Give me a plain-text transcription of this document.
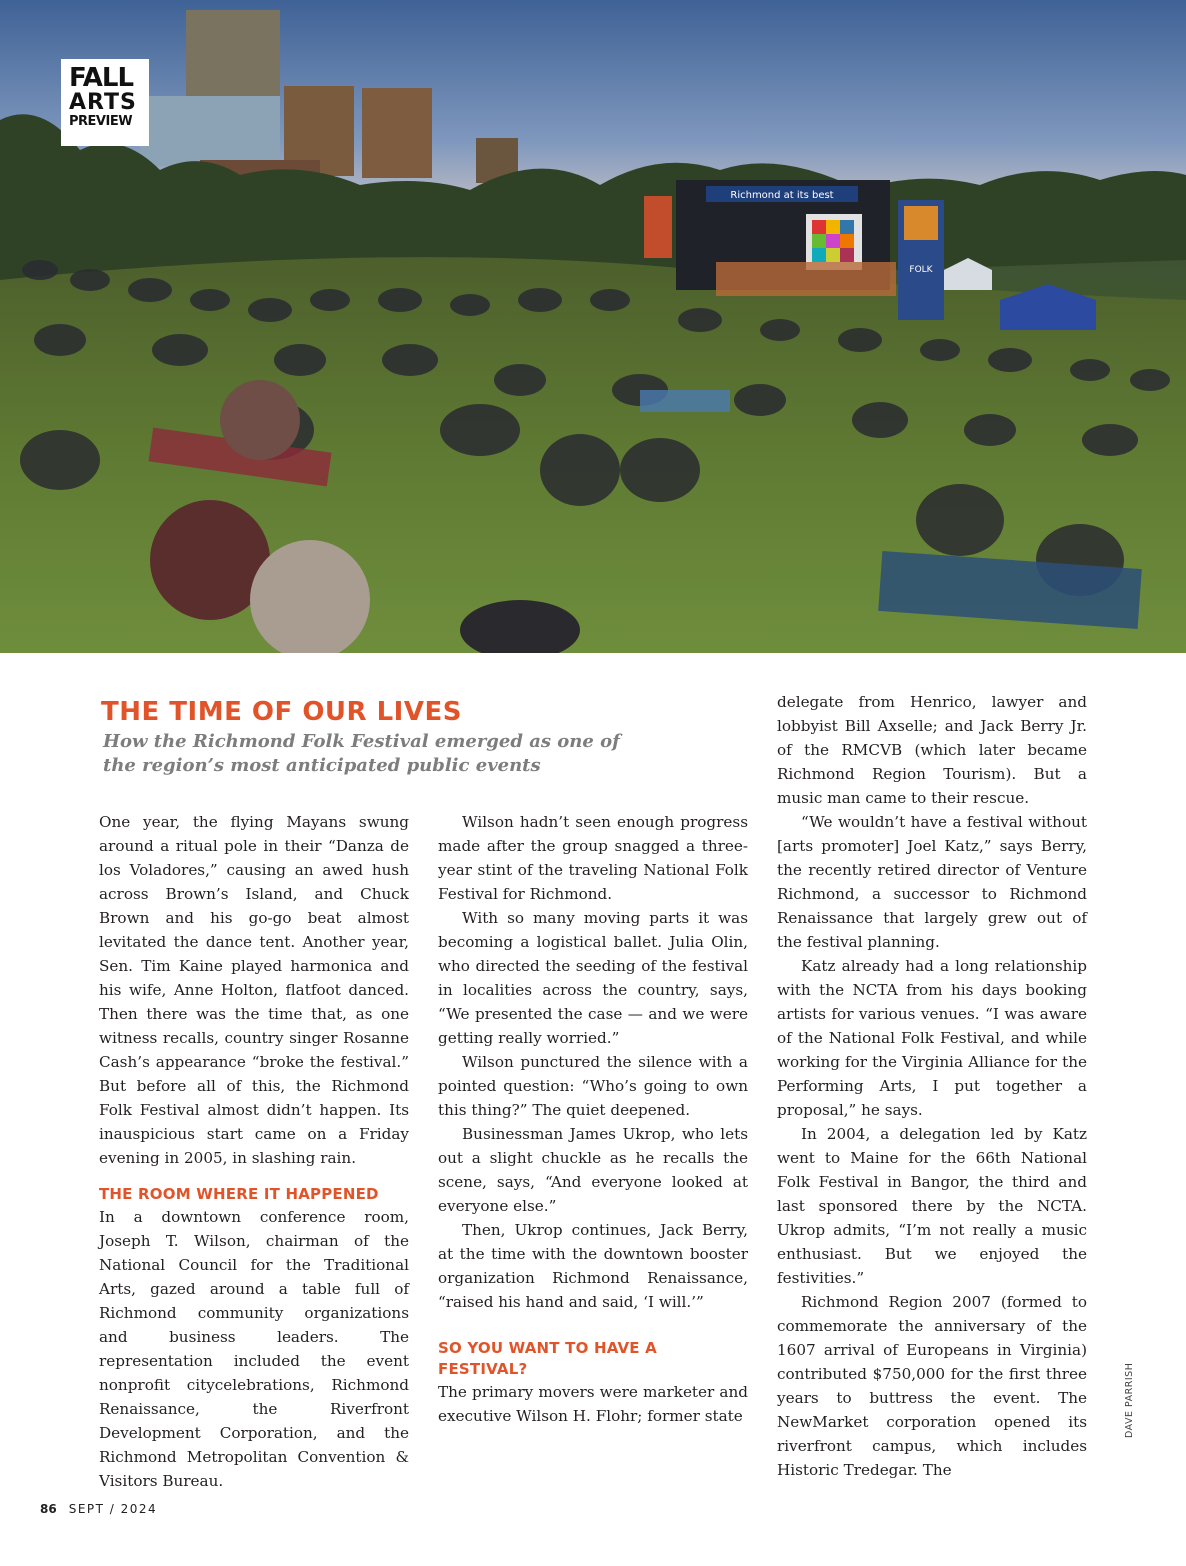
Richmond at its best
FOLK
FALL
ARTS
PREVIEW
THE TIME OF OUR LIVES

How the Richmond Folk Festival emerged as one of the region’s most anticipated public events

One year, the flying Mayans swung around a ritual pole in their “Danza de los Voladores,” causing an awed hush across Brown’s Island, and Chuck Brown and his go-go beat almost levitated the dance tent. Another year, Sen. Tim Kaine played harmonica and his wife, Anne Holton, flatfoot danced. Then there was the time that, as one witness recalls, country singer Rosanne Cash’s appearance “broke the festival.” But before all of this, the Richmond Folk Festival almost didn’t happen. Its inauspicious start came on a Friday evening in 2005, in slashing rain.

THE ROOM WHERE IT HAPPENED

In a downtown conference room, Joseph T. Wilson, chairman of the National Council for the Traditional Arts, gazed around a table full of Richmond community organizations and business leaders. The representation included the event nonprofit citycelebrations, Richmond Renaissance, the Riverfront Development Corporation, and the Richmond Metropolitan Convention & Visitors Bureau.

Wilson hadn’t seen enough progress made after the group snagged a three-year stint of the traveling National Folk Festival for Richmond.

With so many moving parts it was becoming a logistical ballet. Julia Olin, who directed the seeding of the festival in localities across the country, says, “We presented the case — and we were getting really worried.”

Wilson punctured the silence with a pointed question: “Who’s going to own this thing?” The quiet deepened.

Businessman James Ukrop, who lets out a slight chuckle as he recalls the scene, says, “And everyone looked at everyone else.”

Then, Ukrop continues, Jack Berry, at the time with the downtown booster organization Richmond Renaissance, “raised his hand and said, ‘I will.’”

SO YOU WANT TO HAVE A FESTIVAL?

The primary movers were marketer and executive Wilson H. Flohr; former state

delegate from Henrico, lawyer and lobbyist Bill Axselle; and Jack Berry Jr. of the RMCVB (which later became Richmond Region Tourism). But a music man came to their rescue.

“We wouldn’t have a festival without [arts promoter] Joel Katz,” says Berry, the recently retired director of Venture Richmond, a successor to Richmond Renaissance that largely grew out of the festival planning.

Katz already had a long relationship with the NCTA from his days booking artists for various venues. “I was aware of the National Folk Festival, and while working for the Virginia Alliance for the Performing Arts, I put together a proposal,” he says.

In 2004, a delegation led by Katz went to Maine for the 66th National Folk Festival in Bangor, the third and last sponsored there by the NCTA. Ukrop admits, “I’m not really a music enthusiast. But we enjoyed the festivities.”

Richmond Region 2007 (formed to commemorate the anniversary of the 1607 arrival of Europeans in Virginia) contributed $750,000 for the first three years to buttress the event. The NewMarket corporation opened its riverfront campus, which includes Historic Tredegar. The

DAVE PARRISH
86 SEPT / 2024
